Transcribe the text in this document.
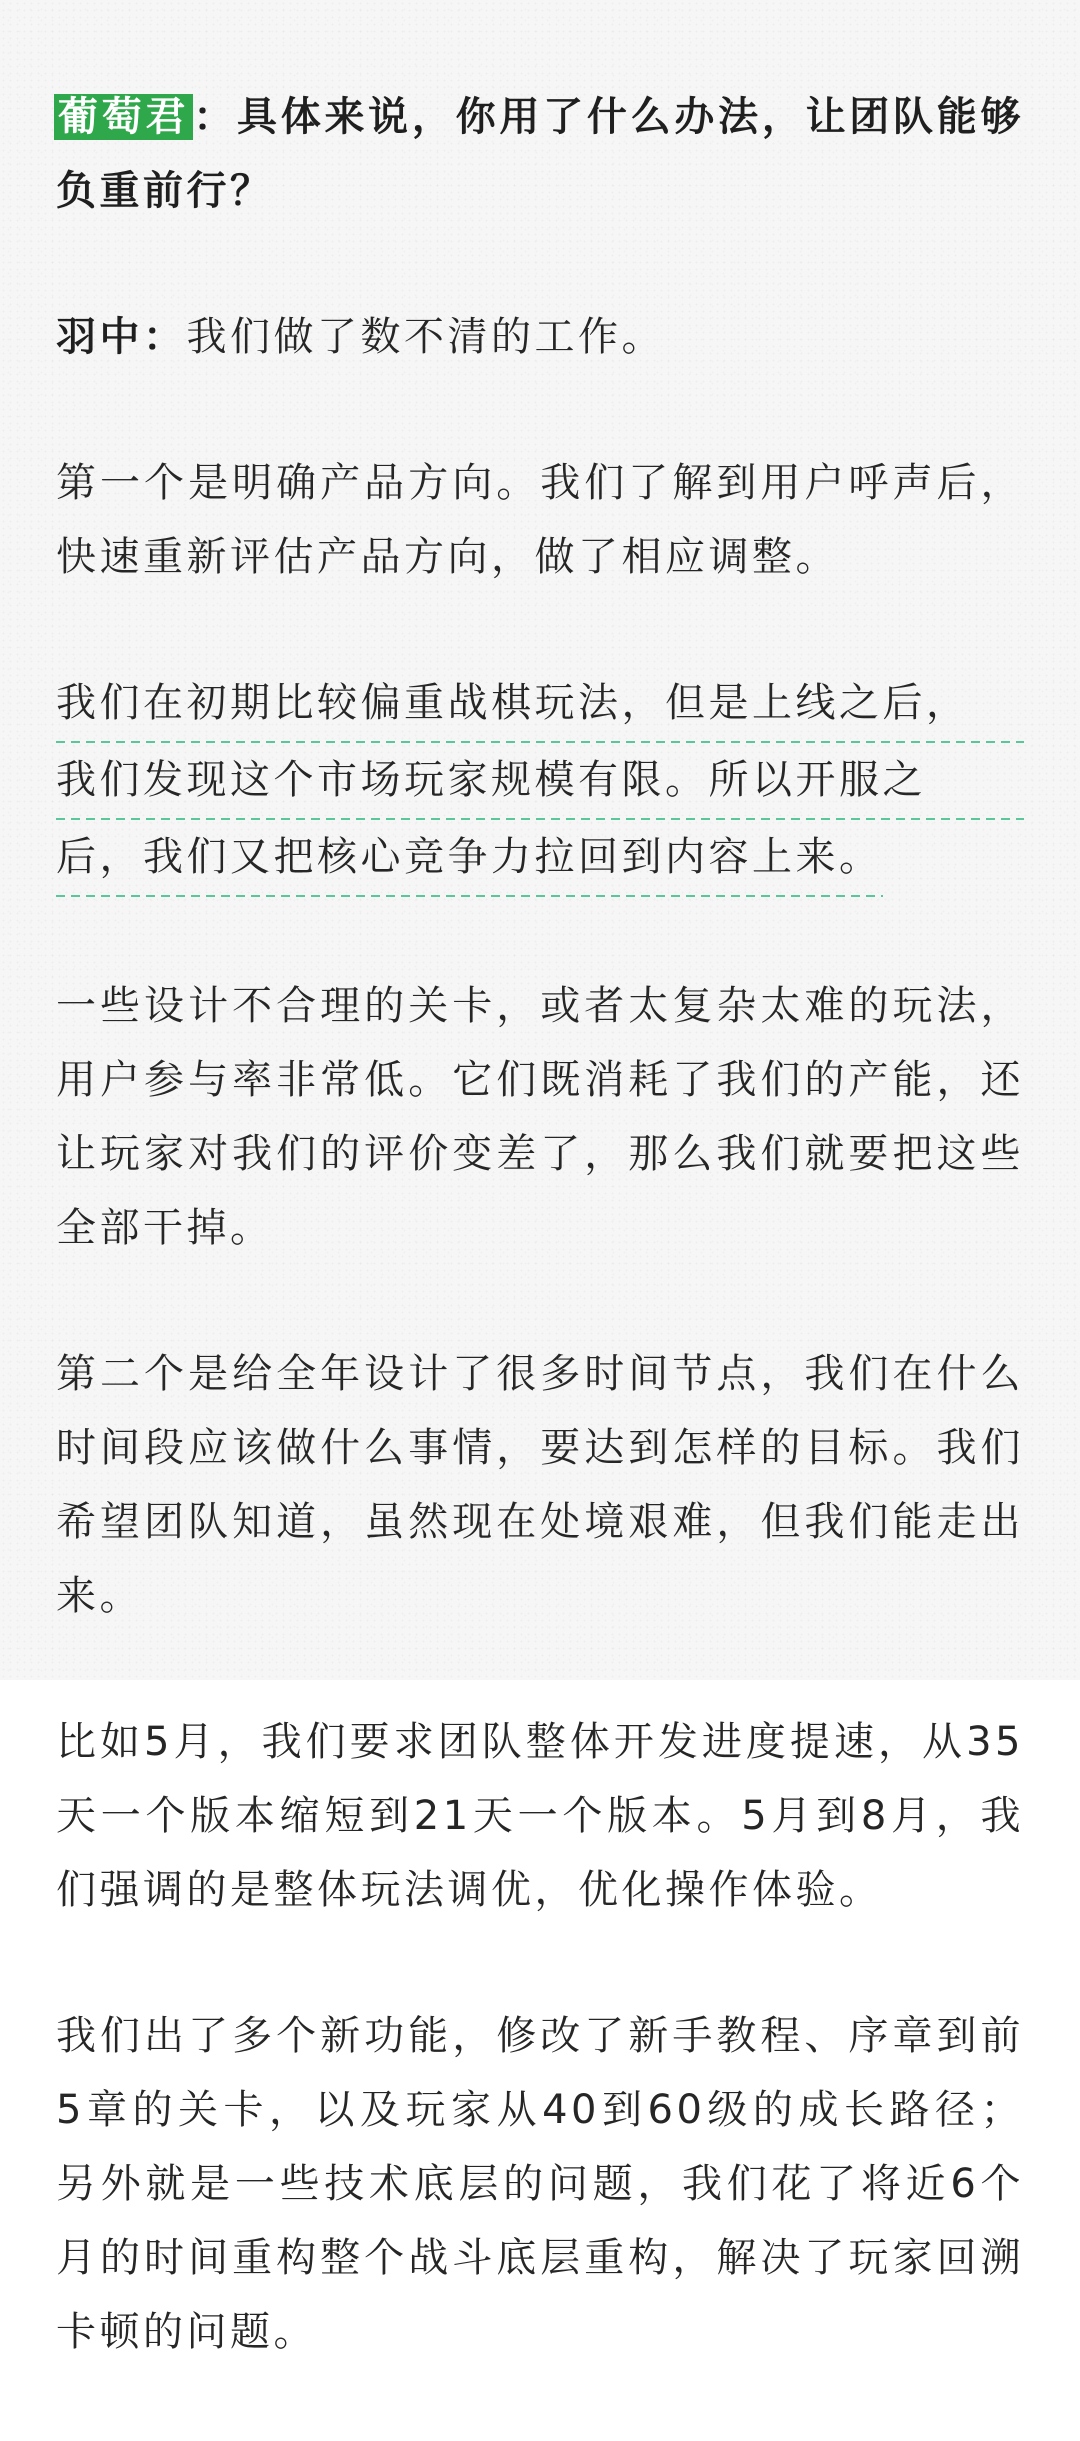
葡萄君 ：具体来说，你用了什么办法，让团队能够负重前行？

羽中：我们做了数不清的工作。

第一个是明确产品方向。我们了解到用户呼声后，快速重新评估产品方向，做了相应调整。

我们在初期比较偏重战棋玩法，但是上线之后，
我们发现这个市场玩家规模有限。所以开服之
后，我们又把核心竞争力拉回到内容上来。

一些设计不合理的关卡，或者太复杂太难的玩法，用户参与率非常低。它们既消耗了我们的产能，还让玩家对我们的评价变差了，那么我们就要把这些全部干掉。

第二个是给全年设计了很多时间节点，我们在什么时间段应该做什么事情，要达到怎样的目标。我们希望团队知道，虽然现在处境艰难，但我们能走出来。

比如5月，我们要求团队整体开发进度提速，从35天一个版本缩短到21天一个版本。5月到8月，我们强调的是整体玩法调优，优化操作体验。

我们出了多个新功能，修改了新手教程、序章到前5章的关卡，以及玩家从40到60级的成长路径；另外就是一些技术底层的问题，我们花了将近6个月的时间重构整个战斗底层重构，解决了玩家回溯卡顿的问题。
